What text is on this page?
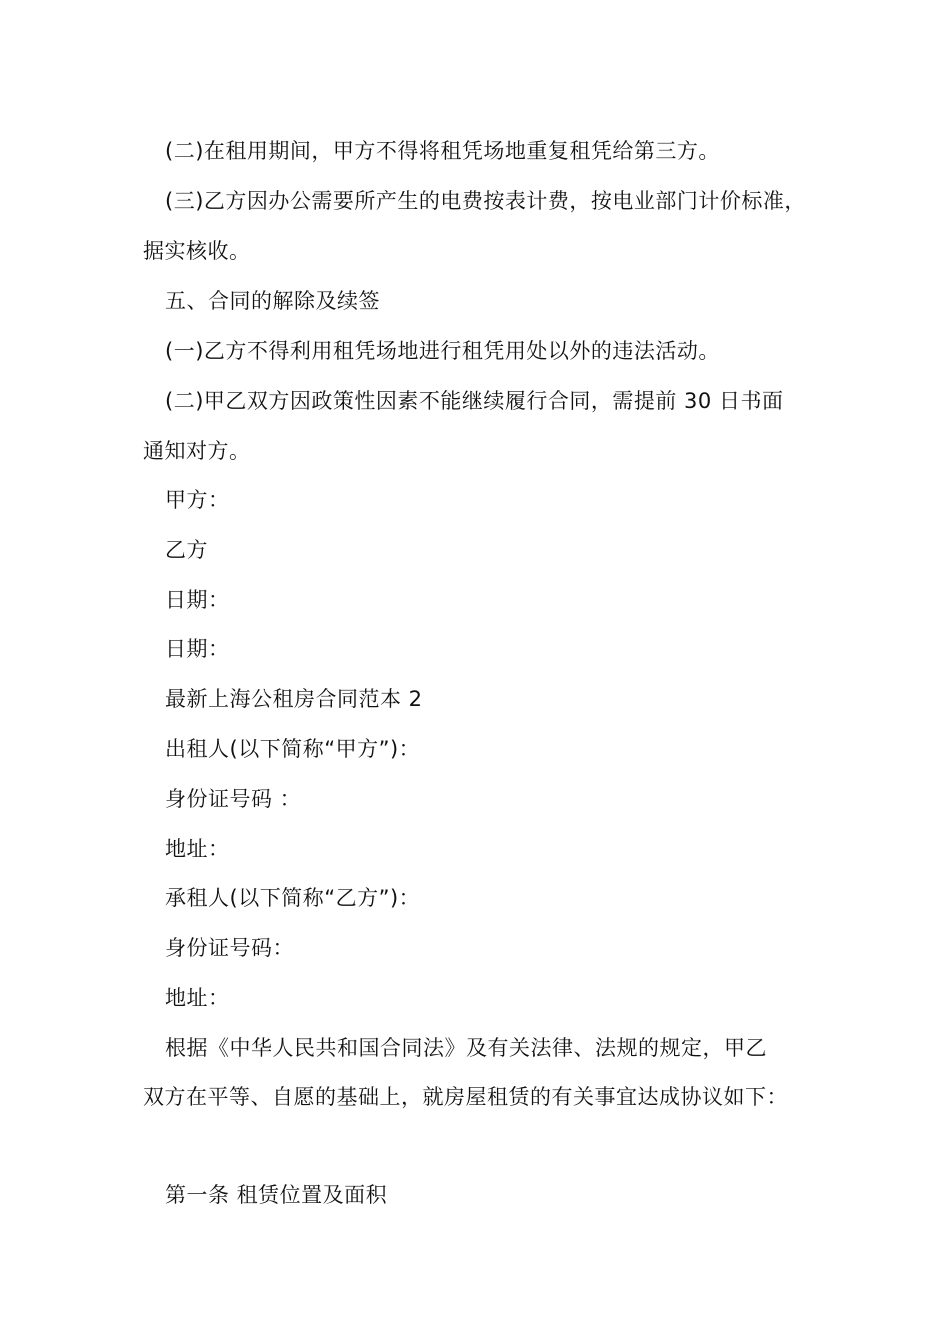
(二)在租用期间，甲方不得将租凭场地重复租凭给第三方。
(三)乙方因办公需要所产生的电费按表计费，按电业部门计价标准，
据实核收。
五、合同的解除及续签
(一)乙方不得利用租凭场地进行租凭用处以外的违法活动。
(二)甲乙双方因政策性因素不能继续履行合同，需提前 30 日书面
通知对方。
甲方：
乙方
日期：
日期：
最新上海公租房合同范本 2
出租人(以下简称“甲方”)：
身份证号码 ：
地址：
承租人(以下简称“乙方”)：
身份证号码：
地址：
根据《中华人民共和国合同法》及有关法律、法规的规定，甲乙
双方在平等、自愿的基础上，就房屋租赁的有关事宜达成协议如下：
第一条 租赁位置及面积
